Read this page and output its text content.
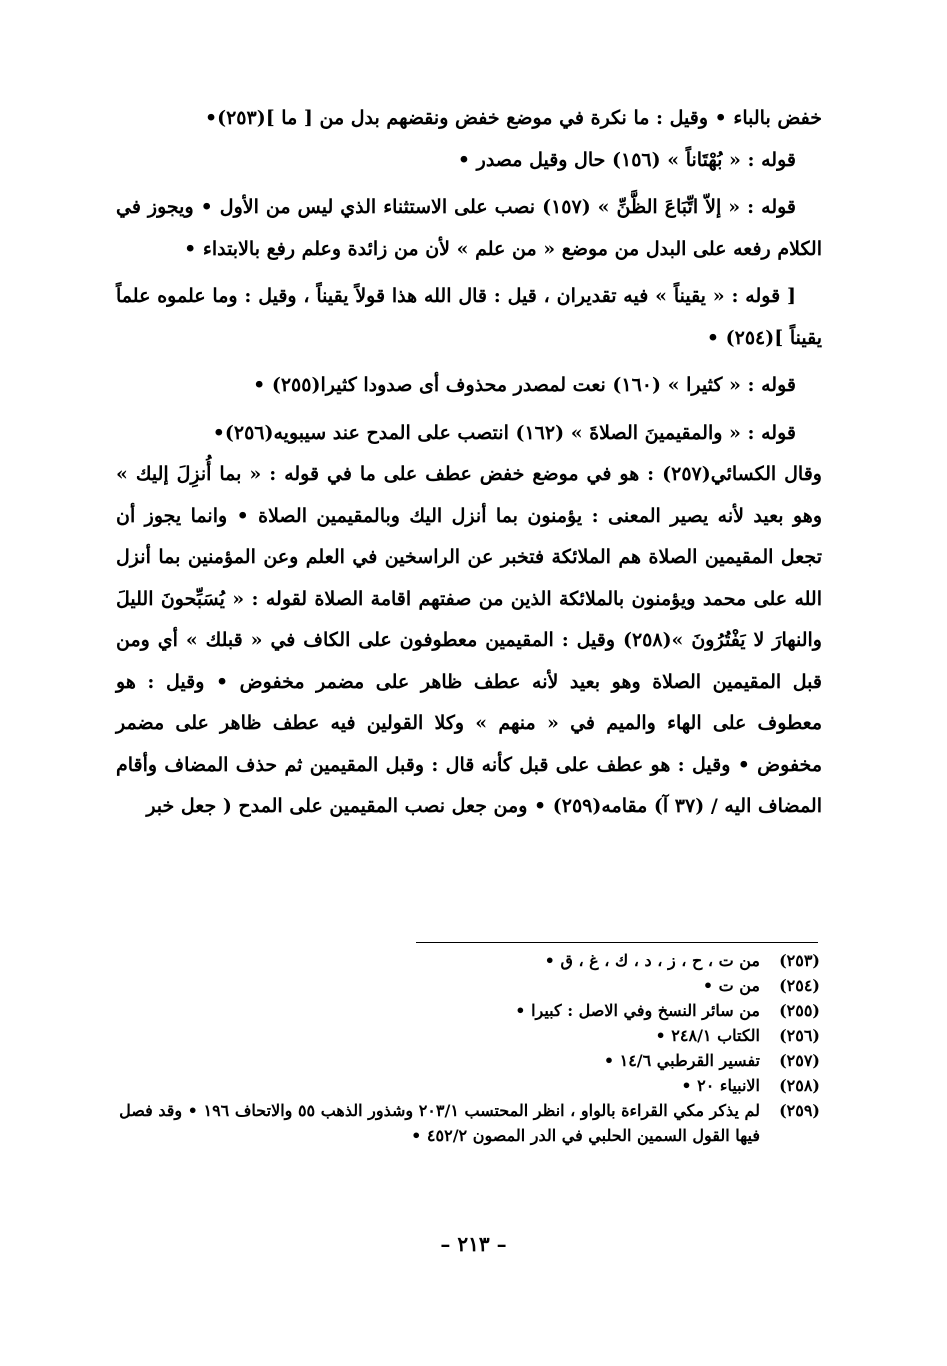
خفض بالباء • وقيل : ما نكرة في موضع خفض ونقضهم بدل من [ ما ](٢٥٣)•

قوله : « بُهْتَاناً » (١٥٦) حال وقيل مصدر •

قوله : « إلاّ اتِّبَاعَ الظَّنِّ » (١٥٧) نصب على الاستثناء الذي ليس من الأول • ويجوز في الكلام رفعه على البدل من موضع « من علم » لأن من زائدة وعلم رفع بالابتداء •

[ قوله : « يقيناً » فيه تقديران ، قيل : قال الله هذا قولاً يقيناً ، وقيل : وما علموه علماً يقيناً ](٢٥٤) •

قوله : « كثيرا » (١٦٠) نعت لمصدر محذوف أى صدودا كثيرا(٢٥٥) •

قوله : « والمقيمينَ الصلاةَ » (١٦٢) انتصب على المدح عند سيبويه(٢٥٦)•

وقال الكسائي(٢٥٧) : هو في موضع خفض عطف على ما في قوله : « بما أُنزِلَ إليك » وهو بعيد لأنه يصير المعنى : يؤمنون بما أنزل اليك وبالمقيمين الصلاة • وانما يجوز أن تجعل المقيمين الصلاة هم الملائكة فتخبر عن الراسخين في العلم وعن المؤمنين بما أنزل الله على محمد ويؤمنون بالملائكة الذين من صفتهم اقامة الصلاة لقوله : « يُسَبِّحونَ الليلَ والنهارَ لا يَفْتُرُونَ »(٢٥٨) وقيل : المقيمين معطوفون على الكاف في « قبلك » أي ومن قبل المقيمين الصلاة وهو بعيد لأنه عطف ظاهر على مضمر مخفوض • وقيل : هو معطوف على الهاء والميم في « منهم » وكلا القولين فيه عطف ظاهر على مضمر مخفوض • وقيل : هو عطف على قبل كأنه قال : وقبل المقيمين ثم حذف المضاف وأقام المضاف اليه / (٣٧ آ) مقامه(٢٥٩) • ومن جعل نصب المقيمين على المدح ( جعل خبر

(٢٥٣)
من ت ، ح ، ز ، د ، ك ، غ ، ق •
(٢٥٤)
من ت •
(٢٥٥)
من سائر النسخ وفي الاصل : كبيرا •
(٢٥٦)
الكتاب ٢٤٨/١ •
(٢٥٧)
تفسير القرطبي ١٤/٦ •
(٢٥٨)
الانبياء ٢٠ •
(٢٥٩)
لم يذكر مكي القراءة بالواو ، انظر المحتسب ٢٠٣/١ وشذور الذهب ٥٥ والاتحاف ١٩٦ • وقد فصل فيها القول السمين الحلبي في الدر المصون ٤٥٢/٢ •
– ٢١٣ –
